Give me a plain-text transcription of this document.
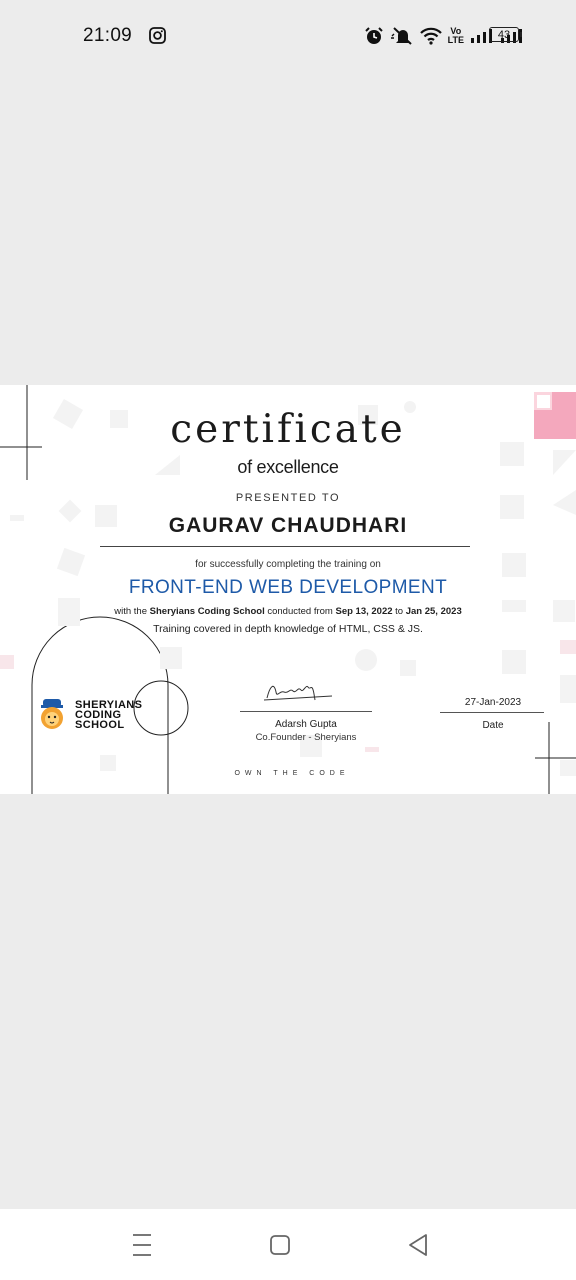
21:09	Vo
LTE	43
certificate
of excellence
PRESENTED TO
GAURAV CHAUDHARI
for successfully completing the training on
FRONT-END WEB DEVELOPMENT
with the Sheryians Coding School conducted from Sep 13, 2022 to Jan 25, 2023
Training covered in depth knowledge of HTML, CSS & JS.
SHERYIANS
CODING
SCHOOL	Adarsh Gupta
Co.Founder - Sheryians
27-Jan-2023
Date
OWN THE CODE
